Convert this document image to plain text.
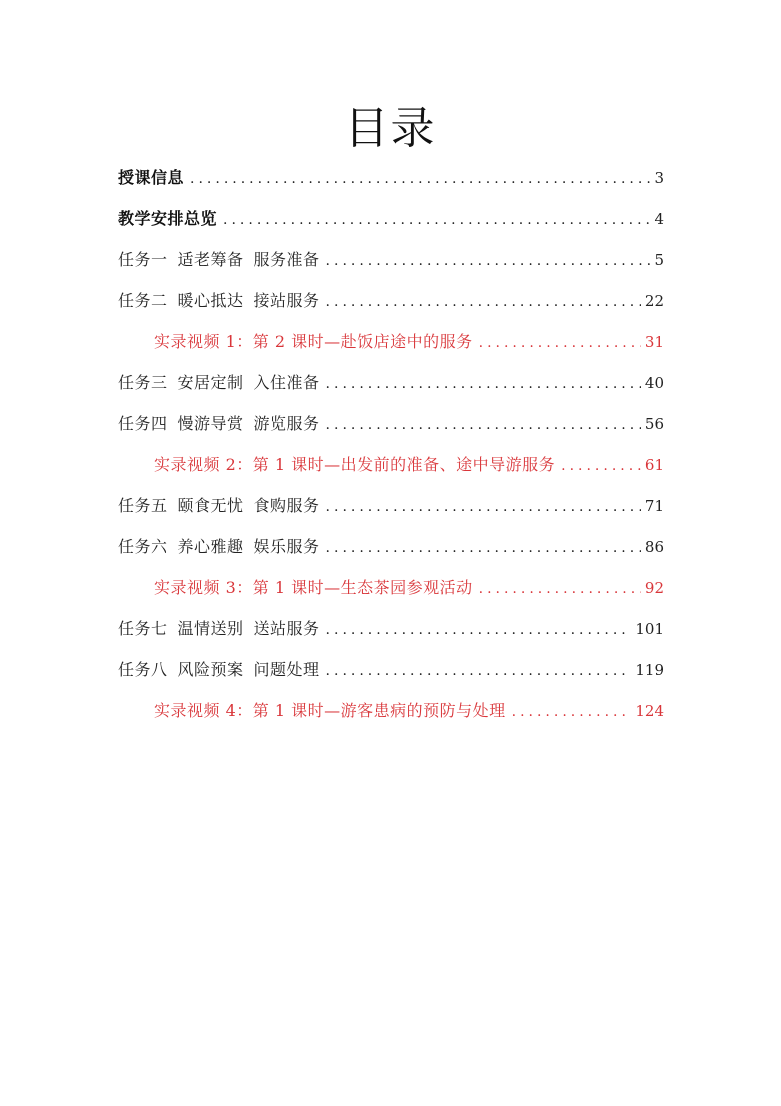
目录
授课信息 .....	3
教学安排总览 .....	4
任务一 适老筹备 服务准备 .....	5
任务二 暖心抵达 接站服务 .....	22
实录视频 1：第 2 课时—赴饭店途中的服务 .....	31
任务三 安居定制 入住准备 .....	40
任务四 慢游导赏 游览服务 .....	56
实录视频 2：第 1 课时—出发前的准备、途中导游服务 .....	61
任务五 颐食无忧 食购服务 .....	71
任务六 养心雅趣 娱乐服务 .....	86
实录视频 3：第 1 课时—生态茶园参观活动 .....	92
任务七 温情送别 送站服务 .....	101
任务八 风险预案 问题处理 .....	119
实录视频 4：第 1 课时—游客患病的预防与处理 .....	124
